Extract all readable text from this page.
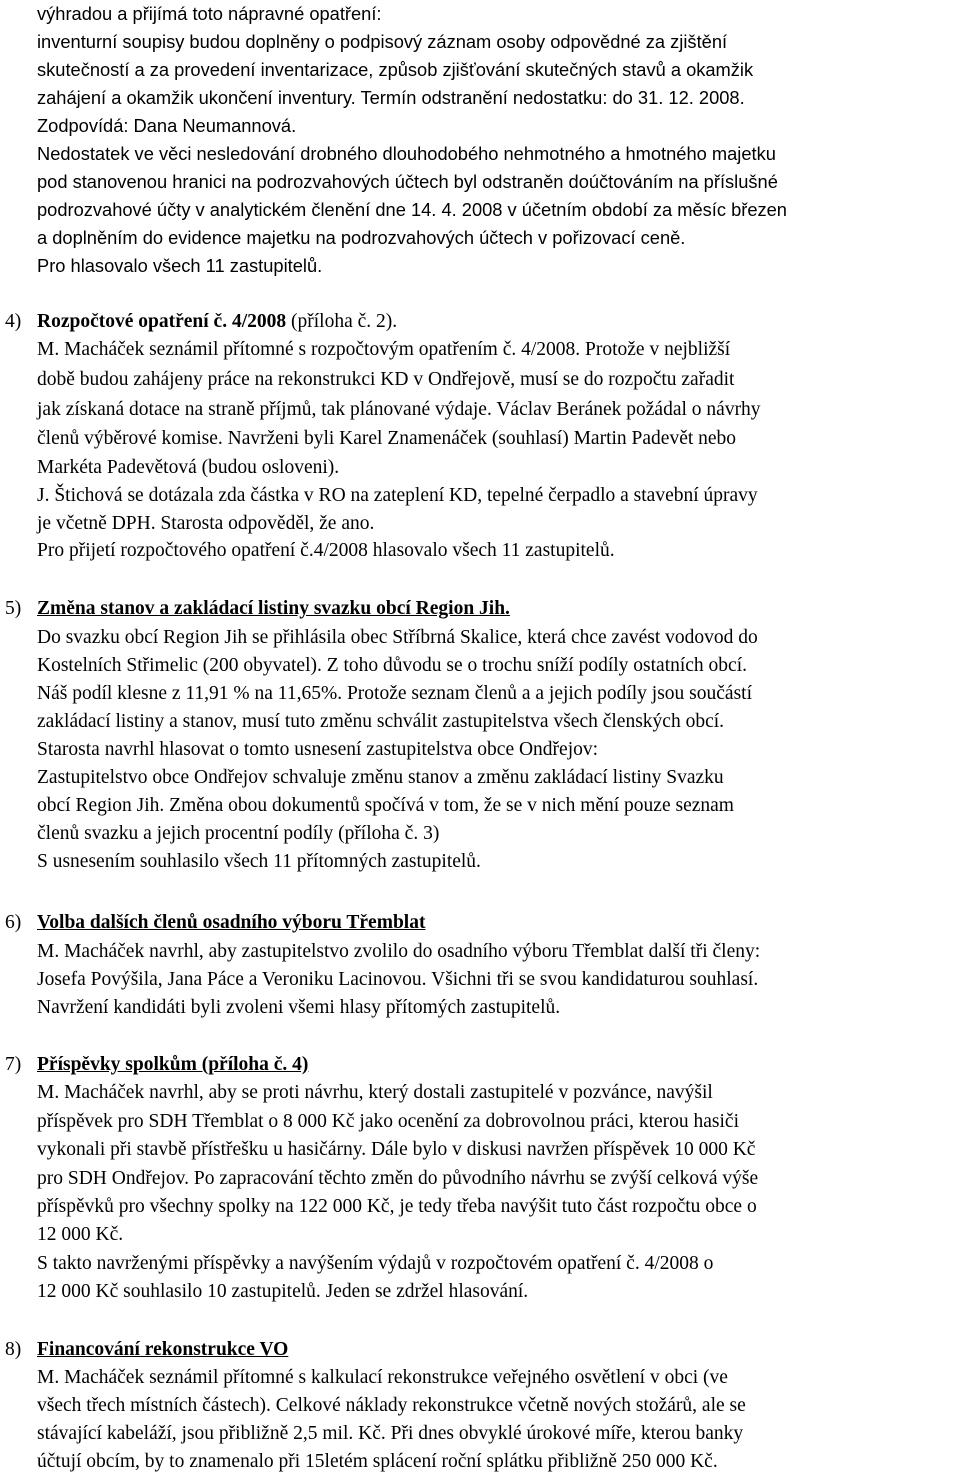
výhradou a přijímá toto nápravné opatření:
inventurní soupisy budou doplněny o podpisový záznam osoby odpovědné za zjištění
skutečností a za provedení inventarizace, způsob zjišťování skutečných stavů a okamžik
zahájení a okamžik ukončení inventury. Termín odstranění nedostatku: do 31. 12. 2008.
Zodpovídá: Dana Neumannová.
Nedostatek ve věci nesledování drobného dlouhodobého nehmotného a hmotného majetku
pod stanovenou hranici na podrozvahových účtech byl odstraněn doúčtováním na příslušné
podrozvahové účty v analytickém členění dne 14. 4. 2008 v účetním období za měsíc březen
a doplněním do evidence majetku na podrozvahových účtech v pořizovací ceně.
Pro hlasovalo všech 11 zastupitelů.
4) Rozpočtové opatření č. 4/2008 (příloha č. 2).
M. Macháček seznámil přítomné s rozpočtovým opatřením č. 4/2008. Protože v nejbližší
době budou zahájeny práce na rekonstrukci KD v Ondřejově, musí se do rozpočtu zařadit
jak získaná dotace na straně příjmů, tak plánované výdaje. Václav Beránek požádal o návrhy
členů výběrové komise. Navrženi byli Karel Znamenáček (souhlasí) Martin Padevět nebo
Markéta Padevětová (budou osloveni).
J. Štichová se dotázala zda částka v RO na zateplení KD, tepelné čerpadlo a stavební úpravy
je včetně DPH. Starosta odpověděl, že ano.
Pro přijetí rozpočtového opatření č.4/2008 hlasovalo všech 11 zastupitelů.
5) Změna stanov a zakládací listiny svazku obcí Region Jih.
Do svazku obcí Region Jih se přihlásila obec Stříbrná Skalice, která chce zavést vodovod do
Kostelních Střimelic (200 obyvatel). Z toho důvodu se o trochu sníží podíly ostatních obcí.
Náš podíl klesne z 11,91 % na 11,65%. Protože seznam členů a a jejich podíly jsou součástí
zakládací listiny a stanov, musí tuto změnu schválit zastupitelstva všech členských obcí.
Starosta navrhl hlasovat o tomto usnesení zastupitelstva obce Ondřejov:
Zastupitelstvo obce Ondřejov schvaluje změnu stanov a změnu zakládací listiny Svazku
obcí Region Jih. Změna obou dokumentů spočívá v tom, že se v nich mění pouze seznam
členů svazku a jejich procentní podíly (příloha č. 3)
S usnesením souhlasilo všech 11 přítomných zastupitelů.
6) Volba dalších členů osadního výboru Třemblat
M. Macháček navrhl, aby zastupitelstvo zvolilo do osadního výboru Třemblat další tři členy:
Josefa Povýšila, Jana Páce a Veroniku Lacinovou. Všichni tři se svou kandidaturou souhlasí.
Navržení kandidáti byli zvoleni všemi hlasy přítomých zastupitelů.
7) Příspěvky spolkům (příloha č. 4)
M. Macháček navrhl, aby se proti návrhu, který dostali zastupitelé v pozvánce, navýšil
příspěvek pro SDH Třemblat o 8 000 Kč jako ocenění za dobrovolnou práci, kterou hasiči
vykonali při stavbě přístřešku u hasičárny. Dále bylo v diskusi navržen příspěvek 10 000 Kč
pro SDH Ondřejov. Po zapracování těchto změn do původního návrhu se zvýší celková výše
příspěvků pro všechny spolky na 122 000 Kč, je tedy třeba navýšit tuto část rozpočtu obce o
12 000 Kč.
S takto navrženými příspěvky a navýšením výdajů v rozpočtovém opatření č. 4/2008 o
12 000 Kč souhlasilo 10 zastupitelů. Jeden se zdržel hlasování.
8) Financování rekonstrukce VO
M. Macháček seznámil přítomné s kalkulací rekonstrukce veřejného osvětlení v obci (ve
všech třech místních částech). Celkové náklady rekonstrukce včetně nových stožárů, ale se
stávající kabeláží, jsou přibližně 2,5 mil. Kč. Při dnes obvyklé úrokové míře, kterou banky
účtují obcím, by to znamenalo při 15letém splácení roční splátku přibližně 250 000 Kč.
